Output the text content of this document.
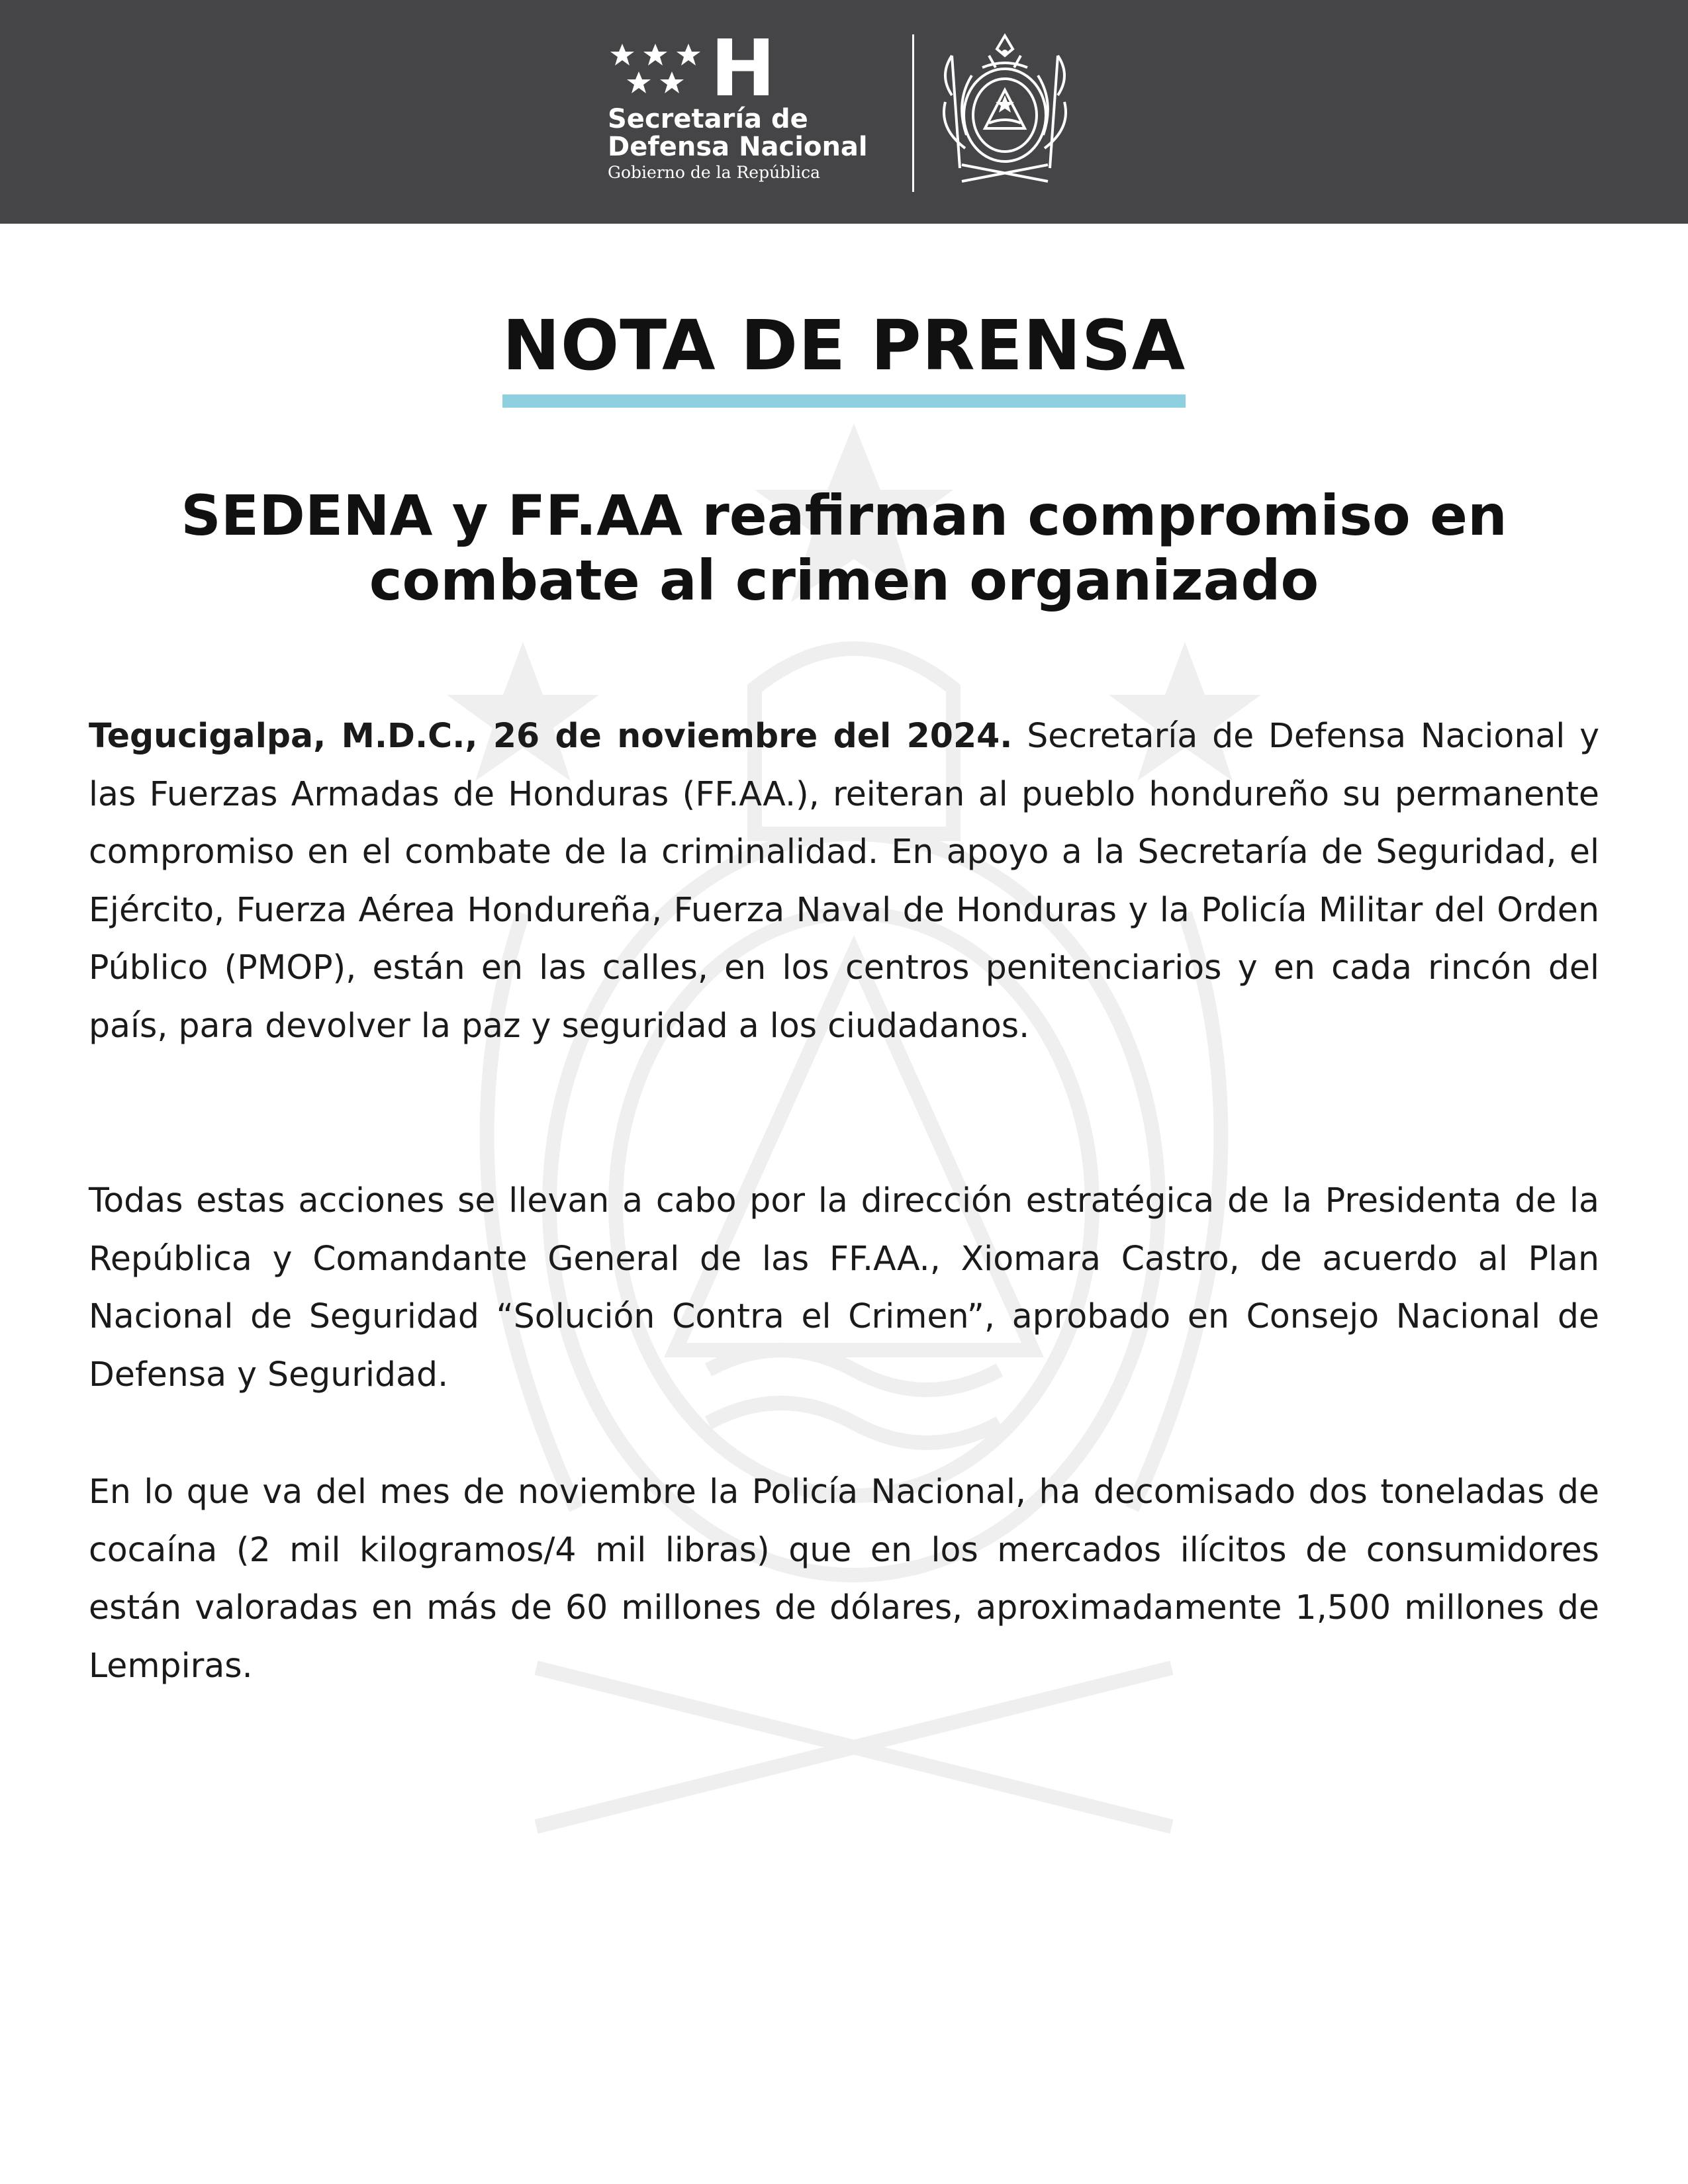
H
Secretaría de
Defensa Nacional
Gobierno de la República
NOTA DE PRENSA
SEDENA y FF.AA reafirman compromiso en
combate al crimen organizado

Tegucigalpa, M.D.C., 26 de noviembre del 2024. Secretaría de Defensa Nacional y las Fuerzas Armadas de Honduras (FF.AA.), reiteran al pueblo hondureño su permanente compromiso en el combate de la criminalidad. En apoyo a la Secretaría de Seguridad, el Ejército, Fuerza Aérea Hondureña, Fuerza Naval de Honduras y la Policía Militar del Orden Público (PMOP), están en las calles, en los centros penitenciarios y en cada rincón del país, para devolver la paz y seguridad a los ciudadanos.

Todas estas acciones se llevan a cabo por la dirección estratégica de la Presidenta de la República y Comandante General de las FF.AA., Xiomara Castro, de acuerdo al Plan Nacional de Seguridad “Solución Contra el Crimen”, aprobado en Consejo Nacional de Defensa y Seguridad.

En lo que va del mes de noviembre la Policía Nacional, ha decomisado dos toneladas de cocaína (2 mil kilogramos/4 mil libras) que en los mercados ilícitos de consumidores están valoradas en más de 60 millones de dólares, aproximadamente 1,500 millones de Lempiras.
